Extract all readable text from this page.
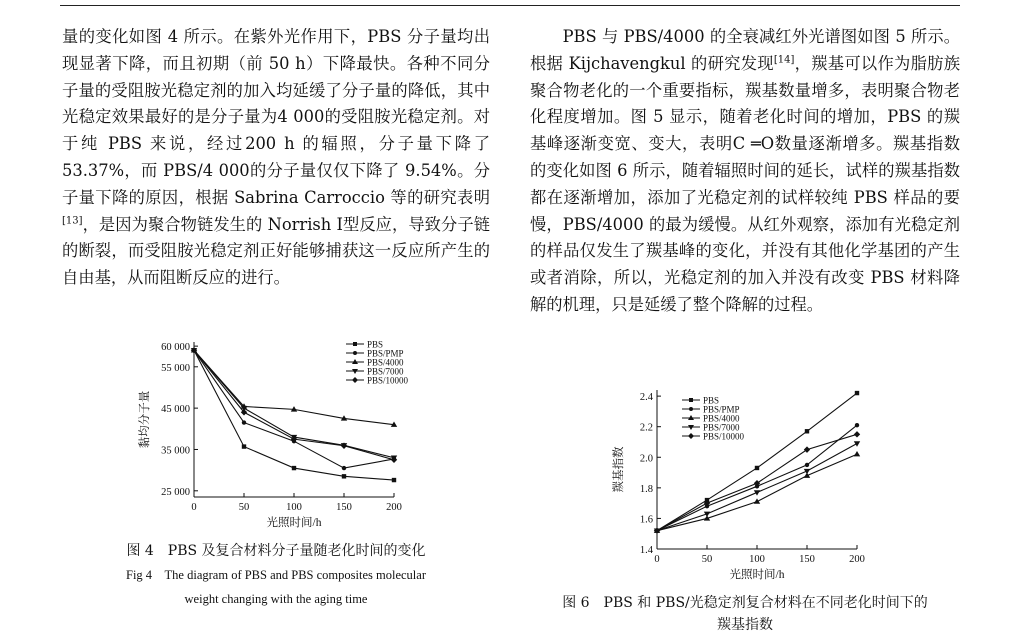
量的变化如图 4 所示。在紫外光作用下，PBS 分子量均出现显著下降，而且初期（前 50 h）下降最快。各种不同分子量的受阻胺光稳定剂的加入均延缓了分子量的降低，其中光稳定效果最好的是分子量为4 000的受阻胺光稳定剂。对于纯 PBS 来说，经过200 h 的辐照，分子量下降了 53.37%，而 PBS/4 000的分子量仅仅下降了 9.54%。分子量下降的原因，根据 Sabrina Carroccio 等的研究表明[13]，是因为聚合物链发生的 Norrish Ⅰ型反应，导致分子链的断裂，而受阻胺光稳定剂正好能够捕获这一反应所产生的自由基，从而阻断反应的进行。

PBS 与 PBS/4000 的全衰减红外光谱图如图 5 所示。根据 Kijchavengkul 的研究发现[14]，羰基可以作为脂肪族聚合物老化的一个重要指标，羰基数量增多，表明聚合物老化程度增加。图 5 显示，随着老化时间的增加，PBS 的羰基峰逐渐变宽、变大，表明C ═O数量逐渐增多。羰基指数的变化如图 6 所示，随着辐照时间的延长，试样的羰基指数都在逐渐增加，添加了光稳定剂的试样较纯 PBS 样品的要慢，PBS/4000 的最为缓慢。从红外观察，添加有光稳定剂的样品仅发生了羰基峰的变化，并没有其他化学基团的产生或者消除，所以，光稳定剂的加入并没有改变 PBS 材料降解的机理，只是延缓了整个降解的过程。

0	50	100	150	200
25 000
35 000
45 000
55 000
60 000
光照时间/h
黏均分子量
PBS
PBS/PMP
PBS/4000
PBS/7000
PBS/10000
图 4　PBS 及复合材料分子量随老化时间的变化
Fig 4　The diagram of PBS and PBS composites molecular
weight changing with the aging time
0	50	100	150	200
1.4
1.6
1.8
2.0
2.2
2.4
光照时间/h
羰基指数
PBS
PBS/PMP
PBS/4000
PBS/7000
PBS/10000
图 6　PBS 和 PBS/光稳定剂复合材料在不同老化时间下的
羰基指数
